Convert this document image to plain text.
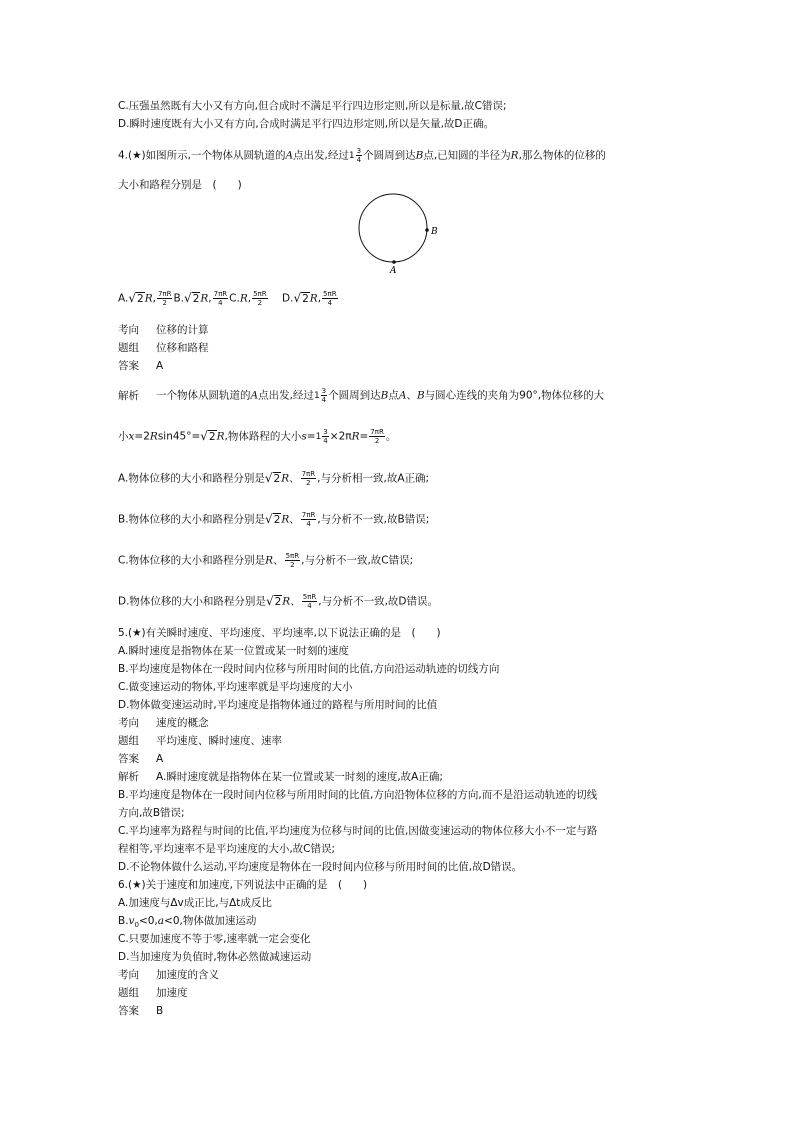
C.压强虽然既有大小又有方向,但合成时不满足平行四边形定则,所以是标量,故C错误;
D.瞬时速度既有大小又有方向,合成时满足平行四边形定则,所以是矢量,故D正确。
4.(★)如图所示,一个物体从圆轨道的A点出发,经过$1 \frac{3}{4}$ 个圆周到达B点,已知圆的半径为R,那么物体的位移的
大小和路程分别是　(　　)
B
A
A.√2R, $\frac{7\pi R}{2} B.√2R$, $\frac{7\pi R}{4} C.R$, $\frac{5\pi R}{2} D.√2R$, $\frac{5\pi R}{4}$
考向 位移的计算
题组 位移和路程
答案 A
解析 一个物体从圆轨道的A点出发,经过$1 \frac{3}{4}$ 个圆周到达B点A、B与圆心连线的夹角为90°,物体位移的大
小x=2Rsin45°=√2R,物体路程的大小$s=1 \frac{3}{4} \times 2\pi R= \frac{7\pi R}{2}$ 。
A.物体位移的大小和路程分别是√2R、 $\frac{7\pi R}{2}$ ,与分析相一致,故A正确;
B.物体位移的大小和路程分别是√2R、 $\frac{7\pi R}{4}$ ,与分析不一致,故B错误;
C.物体位移的大小和路程分别是R、 $\frac{5\pi R}{2}$ ,与分析不一致,故C错误;
D.物体位移的大小和路程分别是√2R、 $\frac{5\pi R}{4}$ ,与分析不一致,故D错误。
5.(★)有关瞬时速度、平均速度、平均速率,以下说法正确的是　(　　)
A.瞬时速度是指物体在某一位置或某一时刻的速度
B.平均速度是物体在一段时间内位移与所用时间的比值,方向沿运动轨迹的切线方向
C.做变速运动的物体,平均速率就是平均速度的大小
D.物体做变速运动时,平均速度是指物体通过的路程与所用时间的比值
考向 速度的概念
题组 平均速度、瞬时速度、速率
答案 A
解析 A.瞬时速度就是指物体在某一位置或某一时刻的速度,故A正确;
B.平均速度是物体在一段时间内位移与所用时间的比值,方向沿物体位移的方向,而不是沿运动轨迹的切线
方向,故B错误;
C.平均速率为路程与时间的比值,平均速度为位移与时间的比值,因做变速运动的物体位移大小不一定与路
程相等,平均速率不是平均速度的大小,故C错误;
D.不论物体做什么运动,平均速度是物体在一段时间内位移与所用时间的比值,故D错误。
6.(★)关于速度和加速度,下列说法中正确的是　(　　)
A.加速度与Δv成正比,与Δt成反比
$B.v_0<0,a<0$,物体做加速运动
C.只要加速度不等于零,速率就一定会变化
D.当加速度为负值时,物体必然做减速运动
考向 加速度的含义
题组 加速度
答案 B
